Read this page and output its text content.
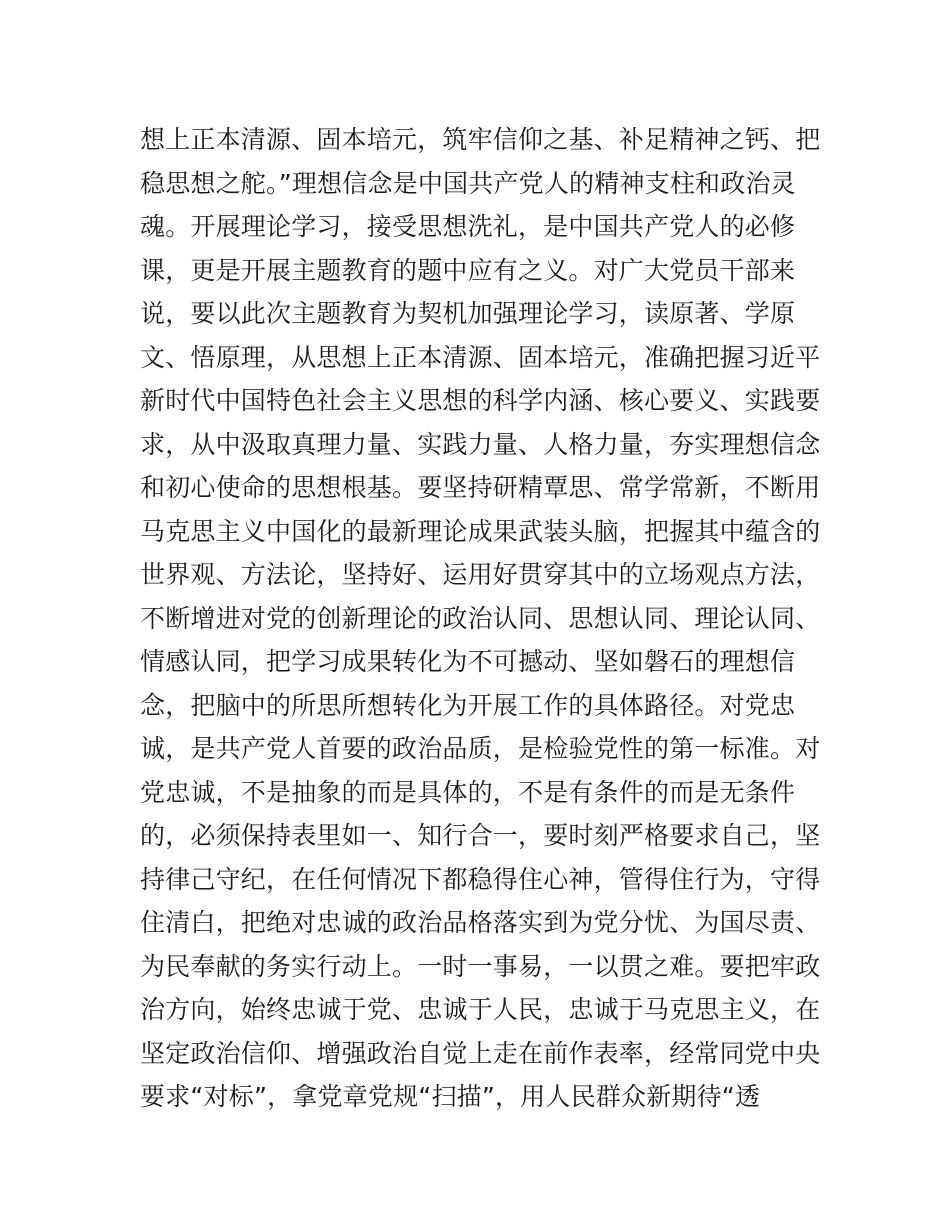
想上正本清源、固本培元，筑牢信仰之基、补足精神之钙、把
稳思想之舵。”理想信念是中国共产党人的精神支柱和政治灵
魂。开展理论学习，接受思想洗礼，是中国共产党人的必修
课，更是开展主题教育的题中应有之义。对广大党员干部来
说，要以此次主题教育为契机加强理论学习，读原著、学原
文、悟原理，从思想上正本清源、固本培元，准确把握习近平
新时代中国特色社会主义思想的科学内涵、核心要义、实践要
求，从中汲取真理力量、实践力量、人格力量，夯实理想信念
和初心使命的思想根基。要坚持研精覃思、常学常新，不断用
马克思主义中国化的最新理论成果武装头脑，把握其中蕴含的
世界观、方法论，坚持好、运用好贯穿其中的立场观点方法，
不断增进对党的创新理论的政治认同、思想认同、理论认同、
情感认同，把学习成果转化为不可撼动、坚如磐石的理想信
念，把脑中的所思所想转化为开展工作的具体路径。对党忠
诚，是共产党人首要的政治品质，是检验党性的第一标准。对
党忠诚，不是抽象的而是具体的，不是有条件的而是无条件
的，必须保持表里如一、知行合一，要时刻严格要求自己，坚
持律己守纪，在任何情况下都稳得住心神，管得住行为，守得
住清白，把绝对忠诚的政治品格落实到为党分忧、为国尽责、
为民奉献的务实行动上。一时一事易，一以贯之难。要把牢政
治方向，始终忠诚于党、忠诚于人民，忠诚于马克思主义，在
坚定政治信仰、增强政治自觉上走在前作表率，经常同党中央
要求“对标”，拿党章党规“扫描”，用人民群众新期待“透
